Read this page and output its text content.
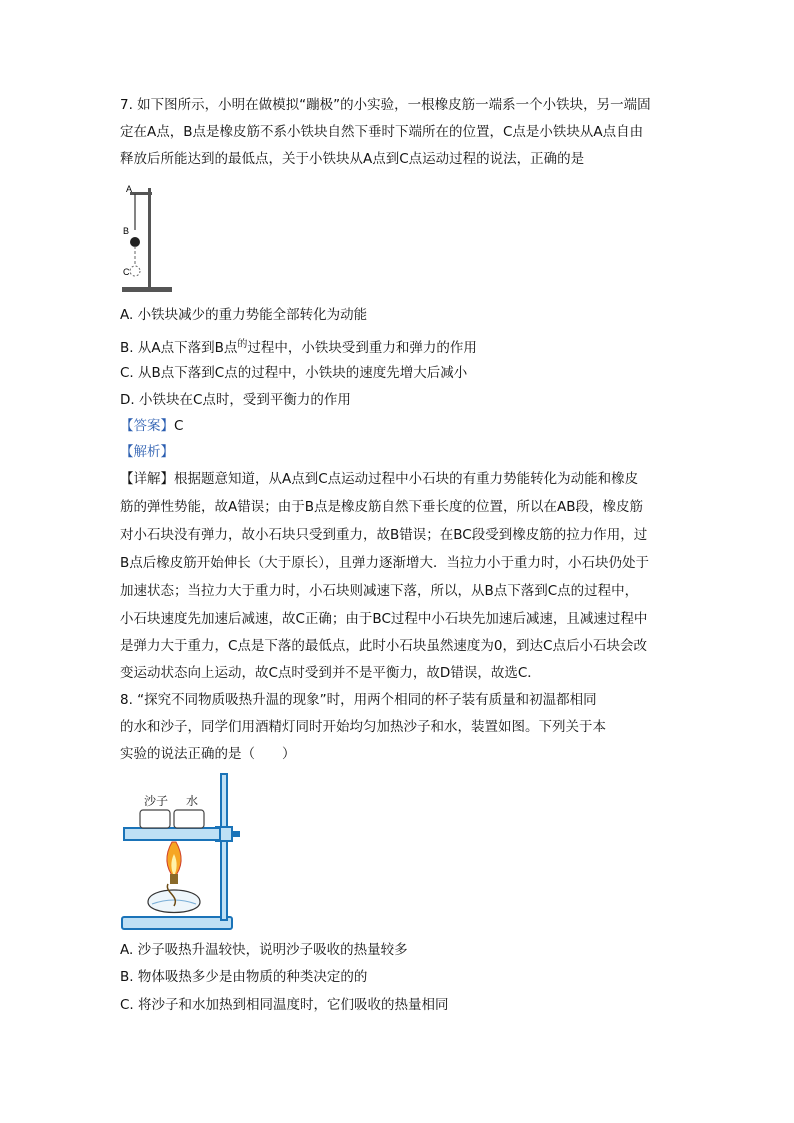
7. 如下图所示，小明在做模拟“蹦极”的小实验，一根橡皮筋一端系一个小铁块，另一端固
定在A点，B点是橡皮筋不系小铁块自然下垂时下端所在的位置，C点是小铁块从A点自由
释放后所能达到的最低点，关于小铁块从A点到C点运动过程的说法，正确的是
A
B
C
A. 小铁块减少的重力势能全部转化为动能
B. 从A点下落到B点$^的$过程中，小铁块受到重力和弹力的作用
C. 从B点下落到C点的过程中，小铁块的速度先增大后减小
D. 小铁块在C点时，受到平衡力的作用
【答案】C
【解析】
【详解】根据题意知道，从A点到C点运动过程中小石块的有重力势能转化为动能和橡皮
筋的弹性势能，故A错误；由于B点是橡皮筋自然下垂长度的位置，所以在AB段，橡皮筋
对小石块没有弹力，故小石块只受到重力，故B错误；在BC段受到橡皮筋的拉力作用，过
B点后橡皮筋开始伸长（大于原长），且弹力逐渐增大．当拉力小于重力时，小石块仍处于
加速状态；当拉力大于重力时，小石块则减速下落，所以，从B点下落到C点的过程中，
小石块速度先加速后减速，故C正确；由于BC过程中小石块先加速后减速，且减速过程中
是弹力大于重力，C点是下落的最低点，此时小石块虽然速度为0，到达C点后小石块会改
变运动状态向上运动，故C点时受到并不是平衡力，故D错误，故选C．
8. “探究不同物质吸热升温的现象”时，用两个相同的杯子装有质量和初温都相同
的水和沙子，同学们用酒精灯同时开始均匀加热沙子和水，装置如图。下列关于本
实验的说法正确的是（　　）
沙子 水
A. 沙子吸热升温较快，说明沙子吸收的热量较多
B. 物体吸热多少是由物质的种类决定的的
C. 将沙子和水加热到相同温度时，它们吸收的热量相同
